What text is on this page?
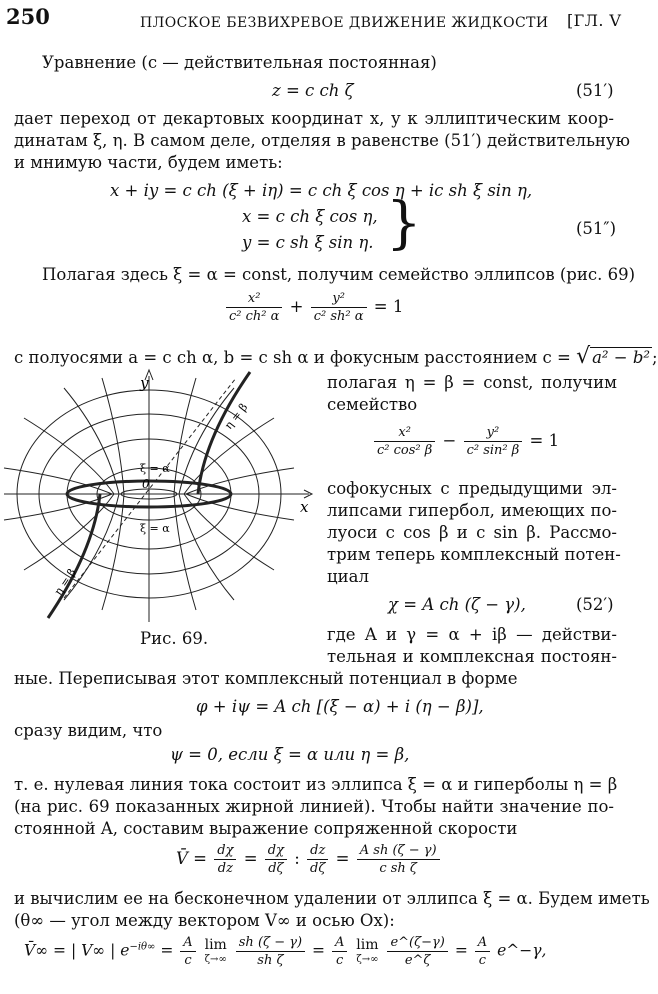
250	ПЛОСКОЕ БЕЗВИХРЕВОЕ ДВИЖЕНИЕ ЖИДКОСТИ [ГЛ. V
Уравнение (c — действительная постоянная)
z = c ch ζ	(51′)
дает переход от декартовых координат x, y к эллиптическим коор-
динатам ξ, η. В самом деле, отделяя в равенстве (51′) действительную
и мнимую части, будем иметь:
x + iy = c ch (ξ + iη) = c ch ξ cos η + ic sh ξ sin η,
x = c ch ξ cos η,
y = c sh ξ sin η. }	(51″)
Полагая здесь ξ = α = const, получим семейство эллипсов (рис. 69)
$\frac{\text{x²}}{\text{c² ch² α}} + \frac{\text{y²}}{\text{c² sh² α}} = 1$
с полуосями a = c ch α, b = c sh α и фокусным расстоянием c = √ a² − b² ;
полагая η = β = const, получим
семейство
$\frac{\text{x²}}{\text{c² cos² β}} - \frac{\text{y²}}{\text{c² sin² β}} = 1$
софокусных с предыдущими эл-
липсами гипербол, имеющих по-
луоси c cos β и c sin β. Рассмо-
трим теперь комплексный потен-
циал
χ = A ch (ζ − γ),	(52′)
где A и γ = α + iβ — действи-
тельная и комплексная постоян-
y
x
0
ξ = α
ξ = α
η = β
η = β
Рис. 69.
ные. Переписывая этот комплексный потенциал в форме
φ + iψ = A ch [(ξ − α) + i (η − β)],
сразу видим, что
ψ = 0, если ξ = α или η = β,
т. е. нулевая линия тока состоит из эллипса ξ = α и гиперболы η = β
(на рис. 69 показанных жирной линией). Чтобы найти значение по-
стоянной A, составим выражение сопряженной скорости
V̄ = $\frac{d\chi}{dz} = \frac{d\chi}{d\zeta}$ : $\frac{dz}{d\zeta} = \frac{\text{A sh (ζ − γ)}}{\text{c sh ζ}}$
и вычислим ее на бесконечном удалении от эллипса ξ = α. Будем иметь
(θ∞ — угол между вектором V∞ и осью Ox):
V̄∞ = | V∞ | $e^{-i\theta\infty} = \frac{A}{c}$
lim
ζ→∞
$\frac{sh (\zeta - \gamma)}{\text{sh ζ}} = \frac{A}{c}$
lim
ζ→∞
$\frac{e\^{}(\zeta-\gamma)}{e\^{}\zeta} = \frac{A}{c}$ e^−γ,
